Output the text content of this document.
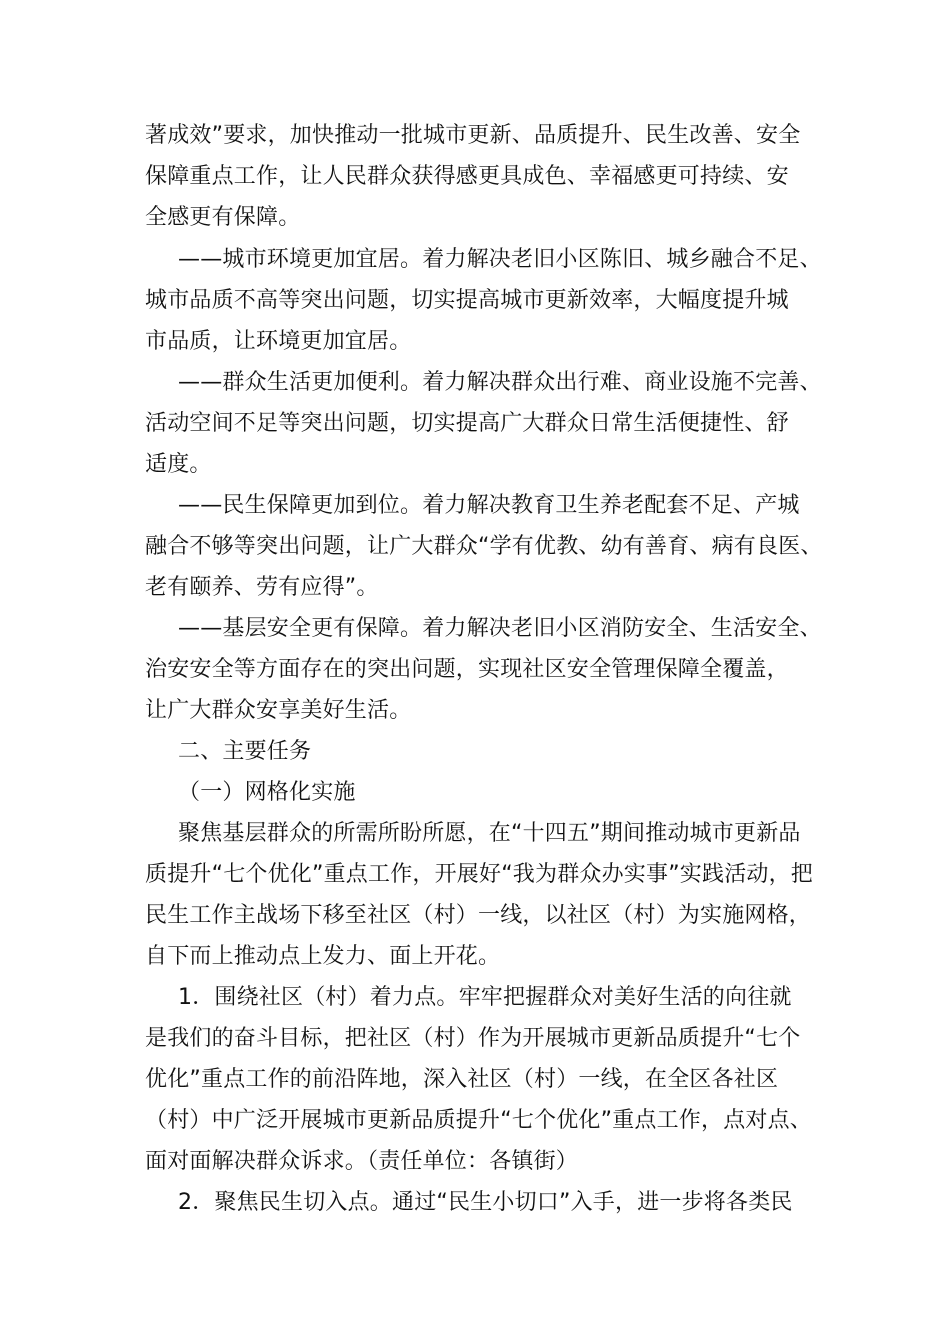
著成效”要求，加快推动一批城市更新、品质提升、民生改善、安全
保障重点工作，让人民群众获得感更具成色、幸福感更可持续、安
全感更有保障。
——城市环境更加宜居。着力解决老旧小区陈旧、城乡融合不足、
城市品质不高等突出问题，切实提高城市更新效率，大幅度提升城
市品质，让环境更加宜居。
——群众生活更加便利。着力解决群众出行难、商业设施不完善、
活动空间不足等突出问题，切实提高广大群众日常生活便捷性、舒
适度。
——民生保障更加到位。着力解决教育卫生养老配套不足、产城
融合不够等突出问题，让广大群众“学有优教、幼有善育、病有良医、
老有颐养、劳有应得”。
——基层安全更有保障。着力解决老旧小区消防安全、生活安全、
治安安全等方面存在的突出问题，实现社区安全管理保障全覆盖，
让广大群众安享美好生活。
二、主要任务
（一）网格化实施
聚焦基层群众的所需所盼所愿，在“十四五”期间推动城市更新品
质提升“七个优化”重点工作，开展好“我为群众办实事”实践活动，把
民生工作主战场下移至社区（村）一线，以社区（村）为实施网格，
自下而上推动点上发力、面上开花。
1．围绕社区（村）着力点。牢牢把握群众对美好生活的向往就
是我们的奋斗目标，把社区（村）作为开展城市更新品质提升“七个
优化”重点工作的前沿阵地，深入社区（村）一线，在全区各社区
（村）中广泛开展城市更新品质提升“七个优化”重点工作，点对点、
面对面解决群众诉求。（责任单位：各镇街）
2．聚焦民生切入点。通过“民生小切口”入手，进一步将各类民
